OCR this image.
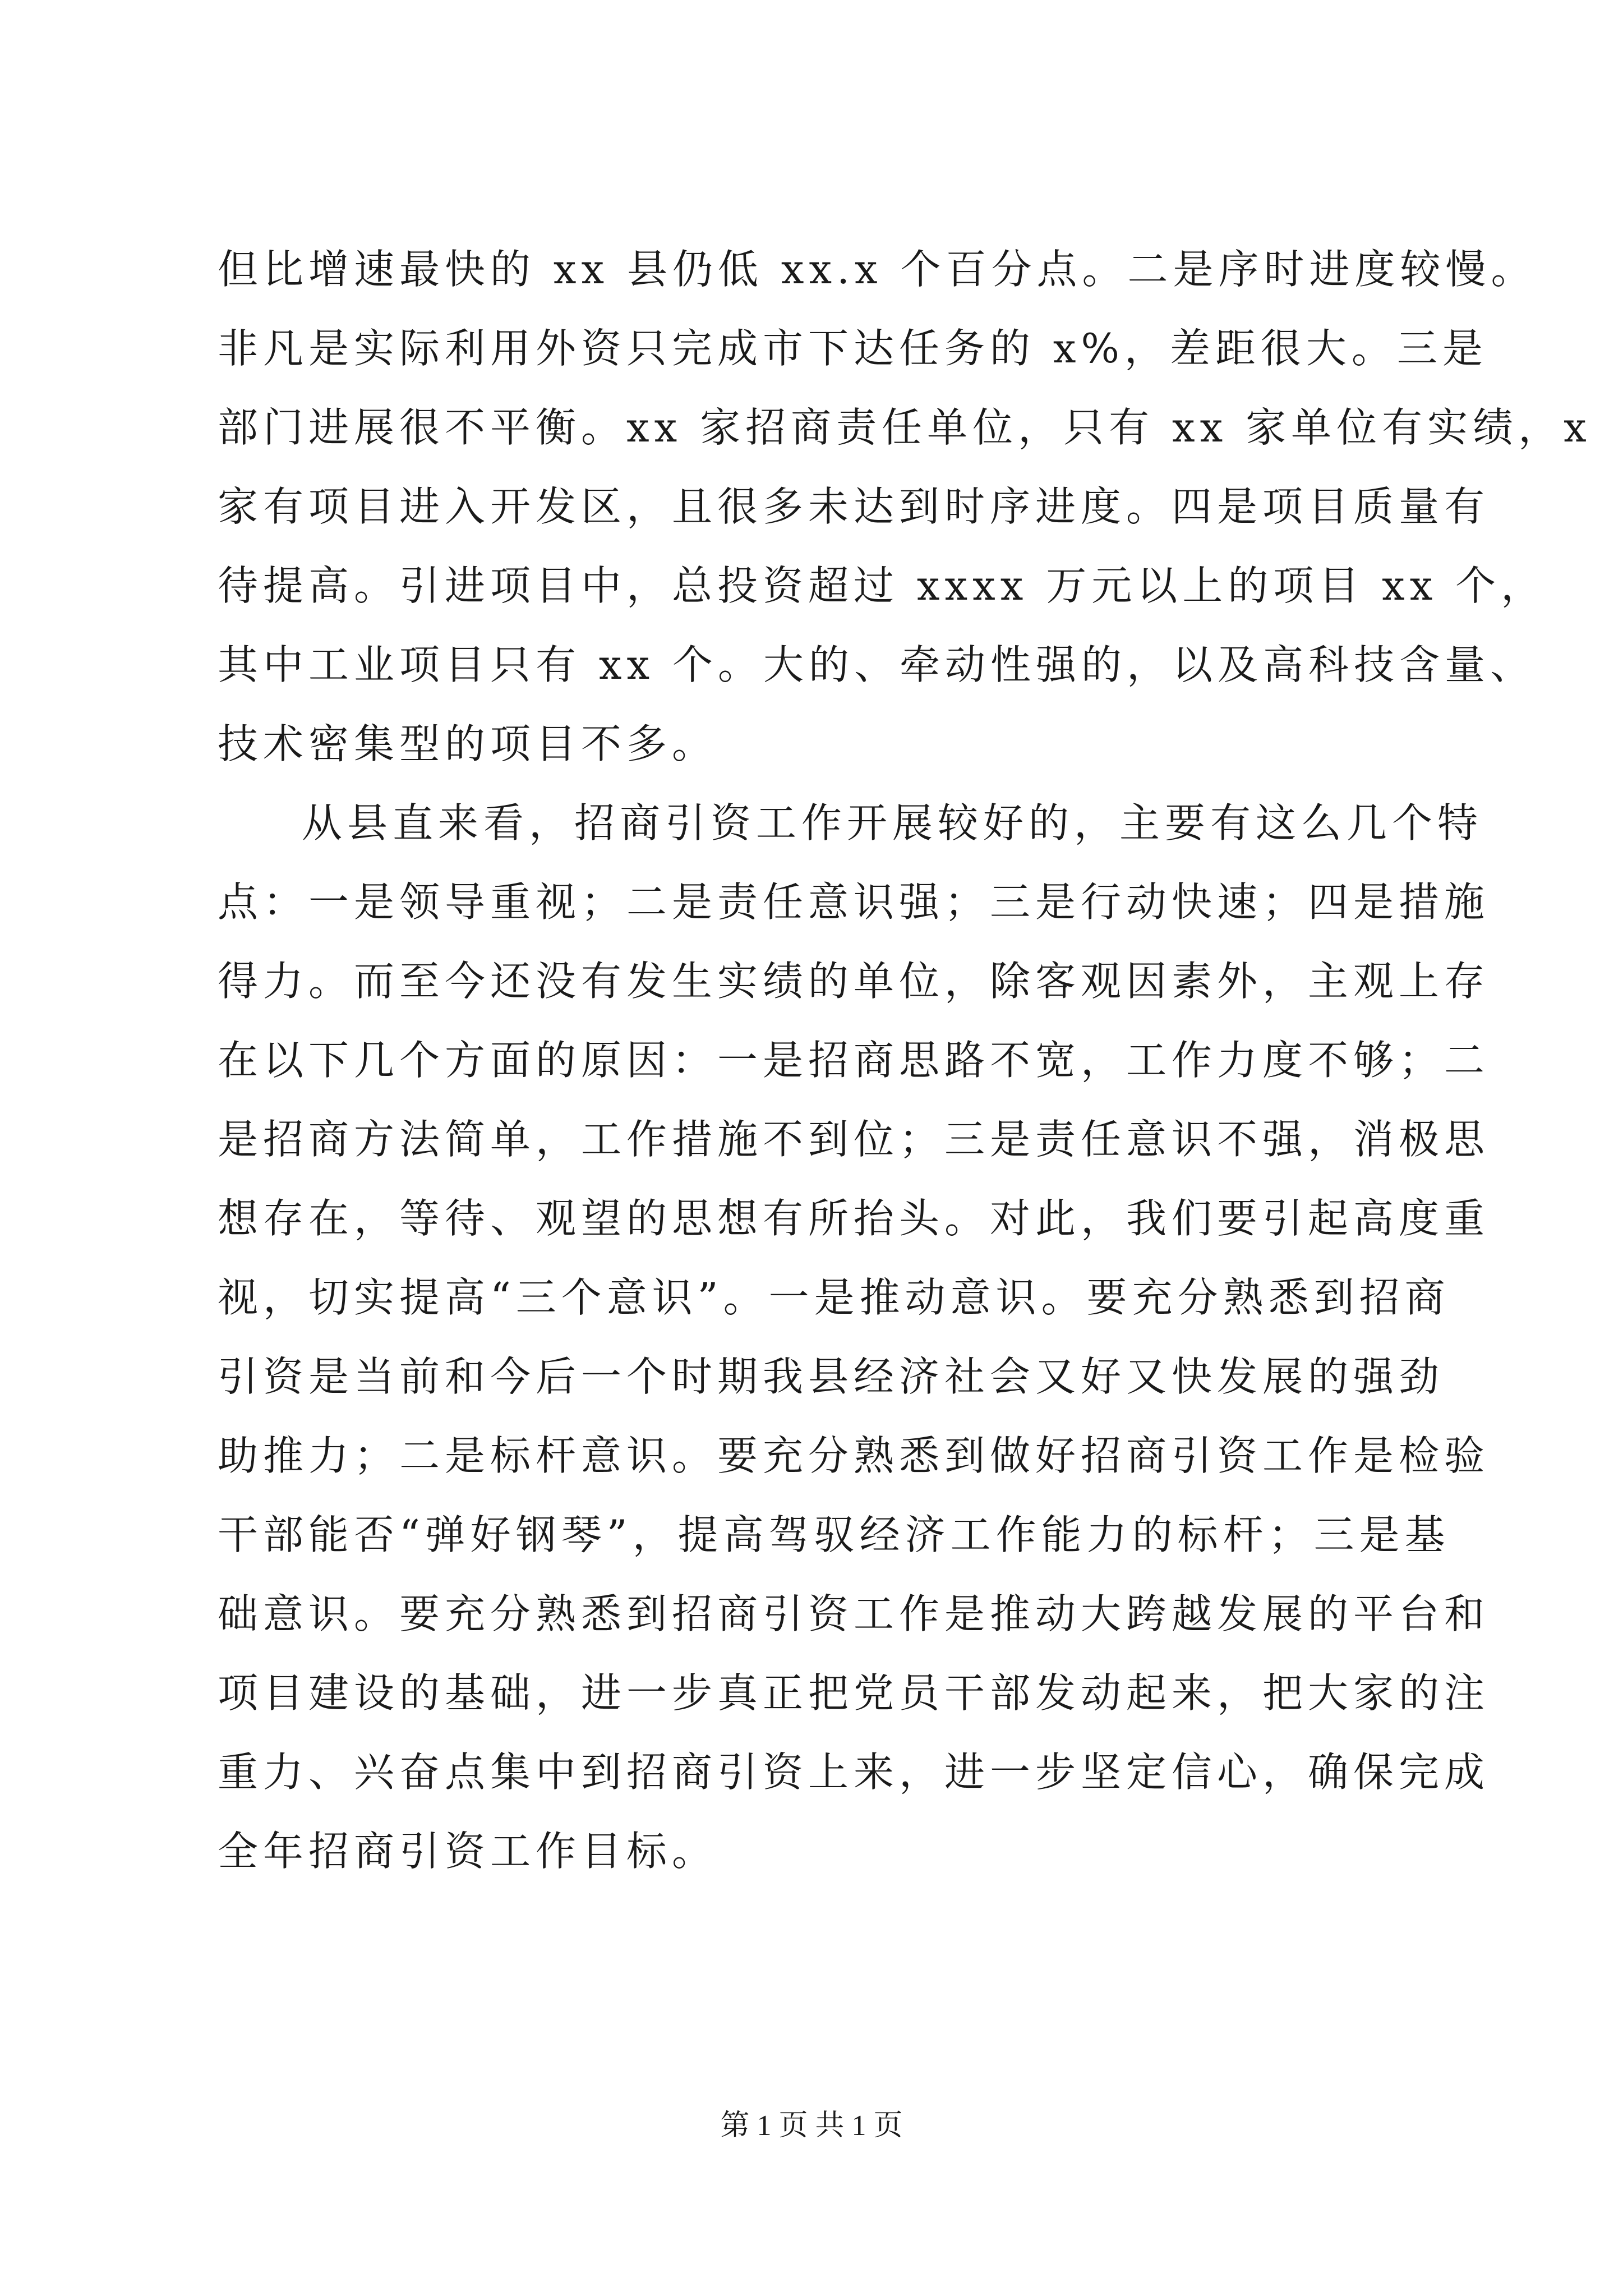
但比增速最快的 xx 县仍低 xx.x 个百分点。二是序时进度较慢。
非凡是实际利用外资只完成市下达任务的 x%，差距很大。三是
部门进展很不平衡。xx 家招商责任单位，只有 xx 家单位有实绩，x
家有项目进入开发区，且很多未达到时序进度。四是项目质量有
待提高。引进项目中，总投资超过 xxxx 万元以上的项目 xx 个，
其中工业项目只有 xx 个。大的、牵动性强的，以及高科技含量、
技术密集型的项目不多。
从县直来看，招商引资工作开展较好的，主要有这么几个特
点：一是领导重视；二是责任意识强；三是行动快速；四是措施
得力。而至今还没有发生实绩的单位，除客观因素外，主观上存
在以下几个方面的原因：一是招商思路不宽，工作力度不够；二
是招商方法简单，工作措施不到位；三是责任意识不强，消极思
想存在，等待、观望的思想有所抬头。对此，我们要引起高度重
视，切实提高“三个意识”。一是推动意识。要充分熟悉到招商
引资是当前和今后一个时期我县经济社会又好又快发展的强劲
助推力；二是标杆意识。要充分熟悉到做好招商引资工作是检验
干部能否“弹好钢琴”，提高驾驭经济工作能力的标杆；三是基
础意识。要充分熟悉到招商引资工作是推动大跨越发展的平台和
项目建设的基础，进一步真正把党员干部发动起来，把大家的注
重力、兴奋点集中到招商引资上来，进一步坚定信心，确保完成
全年招商引资工作目标。
第 1 页 共 1 页
